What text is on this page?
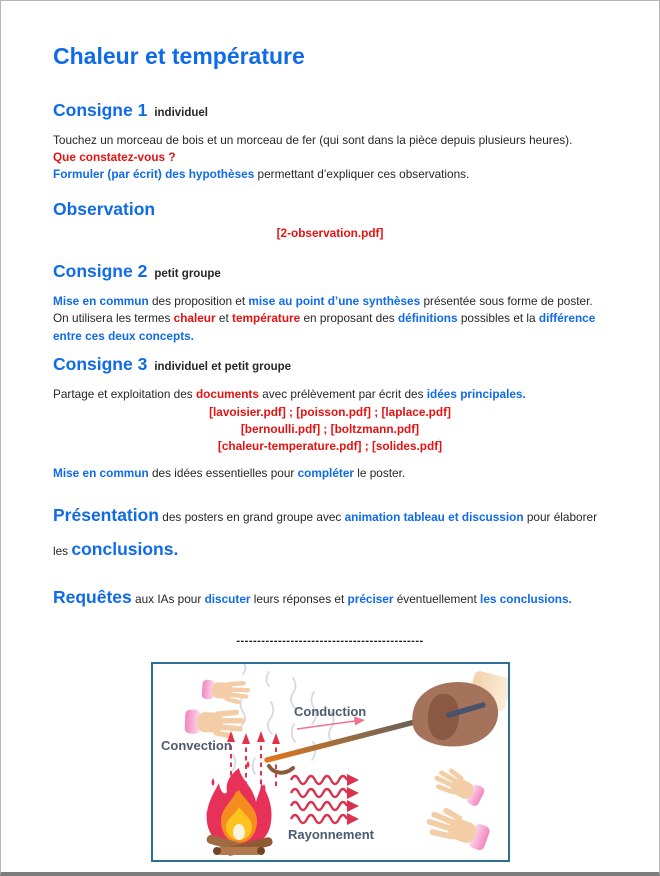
Chaleur et température
Consigne 1 individuel

Touchez un morceau de bois et un morceau de fer (qui sont dans la pièce depuis plusieurs heures).
Que constatez-vous ?
Formuler (par écrit) des hypothèses permettant d’expliquer ces observations.

Observation

[2-observation.pdf]

Consigne 2 petit groupe

Mise en commun des proposition et mise au point d’une synthèses présentée sous forme de poster.
On utilisera les termes chaleur et température en proposant des définitions possibles et la différence entre ces deux concepts.

Consigne 3 individuel et petit groupe

Partage et exploitation des documents avec prélèvement par écrit des idées principales.

[lavoisier.pdf] ; [poisson.pdf] ; [laplace.pdf]
[bernoulli.pdf] ; [boltzmann.pdf]
[chaleur-temperature.pdf] ; [solides.pdf]

Mise en commun des idées essentielles pour compléter le poster.

Présentation des posters en grand groupe avec animation tableau et discussion pour élaborer les conclusions.

Requêtes aux IAs pour discuter leurs réponses et préciser éventuellement les conclusions.

---------------------------------------------

Convection
Conduction
Rayonnement
